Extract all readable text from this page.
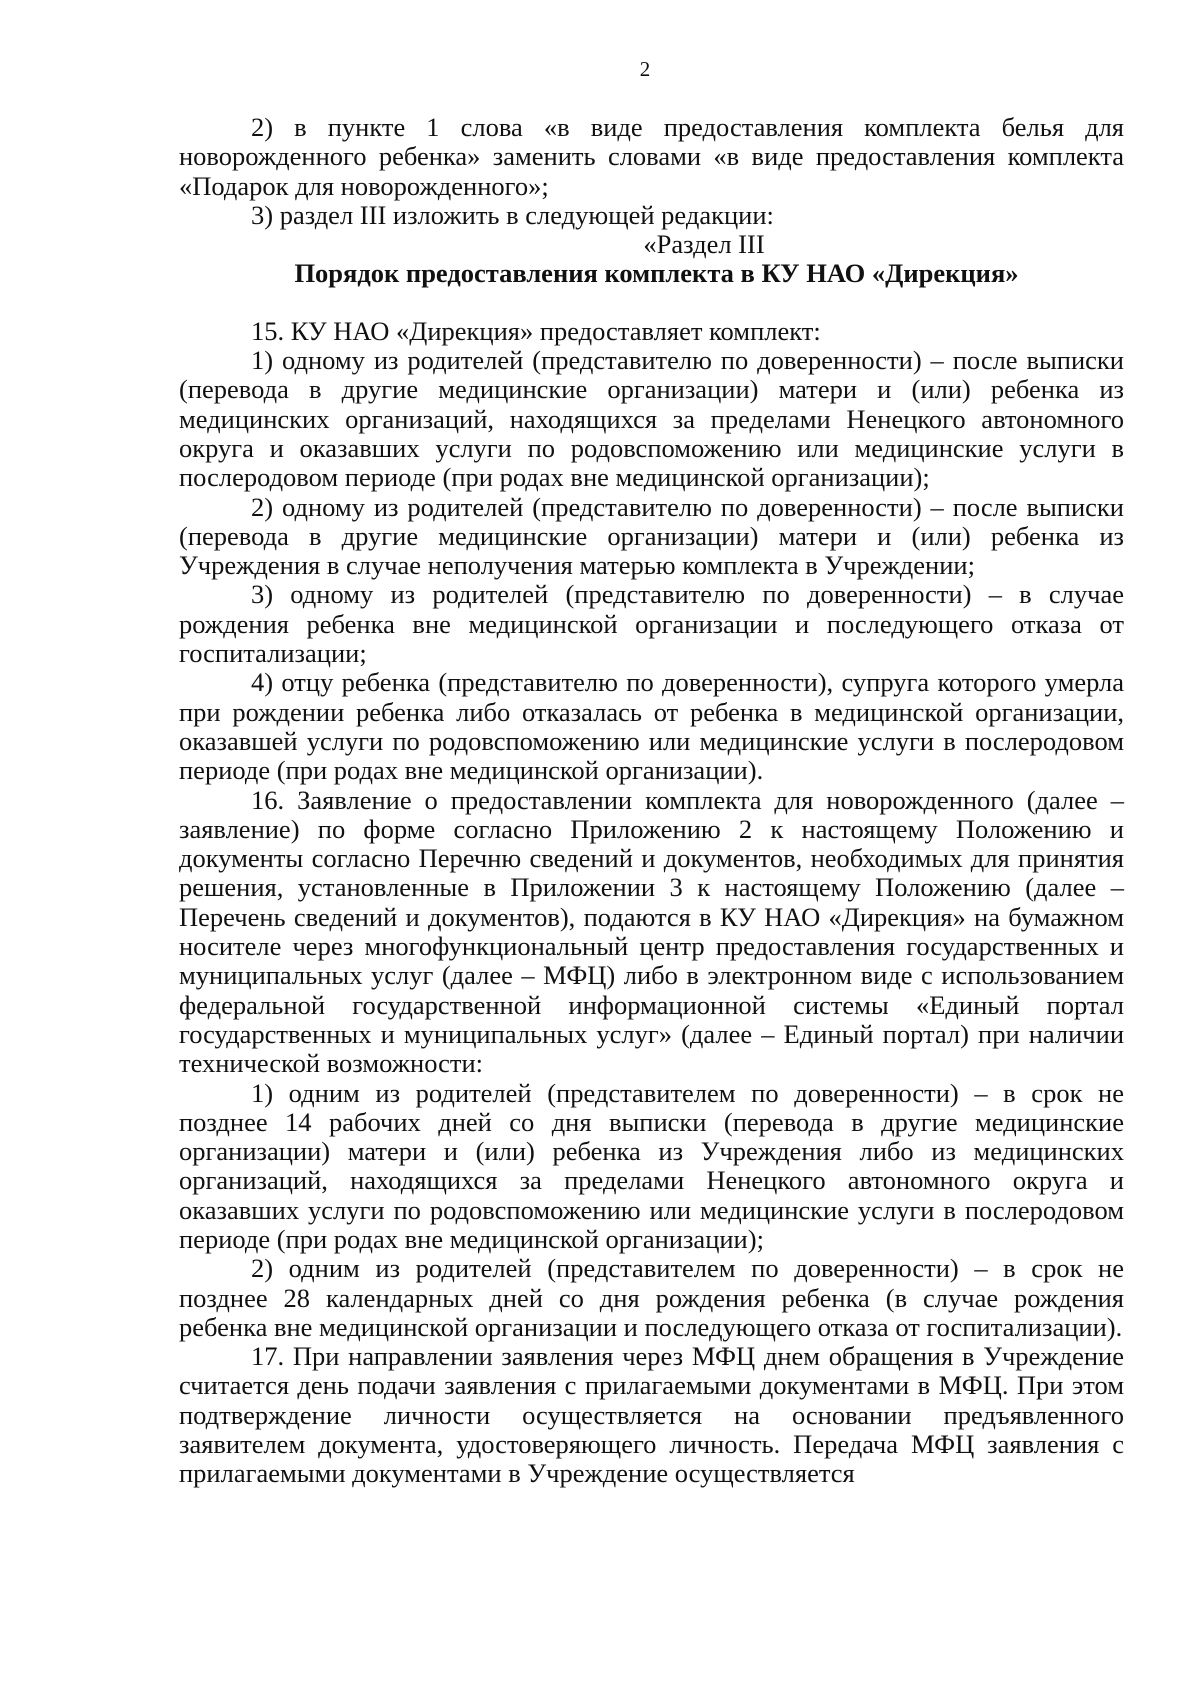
2

2) в пункте 1 слова «в виде предоставления комплекта белья для новорожденного ребенка» заменить словами «в виде предоставления комплекта «Подарок для новорожденного»;

3) раздел III изложить в следующей редакции:

«Раздел III

Порядок предоставления комплекта в КУ НАО «Дирекция»

15. КУ НАО «Дирекция» предоставляет комплект:

1) одному из родителей (представителю по доверенности) – после выписки (перевода в другие медицинские организации) матери и (или) ребенка из медицинских организаций, находящихся за пределами Ненецкого автономного округа и оказавших услуги по родовспоможению или медицинские услуги в послеродовом периоде (при родах вне медицинской организации);

2) одному из родителей (представителю по доверенности) – после выписки (перевода в другие медицинские организации) матери и (или) ребенка из Учреждения в случае неполучения матерью комплекта в Учреждении;

3) одному из родителей (представителю по доверенности) – в случае рождения ребенка вне медицинской организации и последующего отказа от госпитализации;

4) отцу ребенка (представителю по доверенности), супруга которого умерла при рождении ребенка либо отказалась от ребенка в медицинской организации, оказавшей услуги по родовспоможению или медицинские услуги в послеродовом периоде (при родах вне медицинской организации).

16. Заявление о предоставлении комплекта для новорожденного (далее – заявление) по форме согласно Приложению 2 к настоящему Положению и документы согласно Перечню сведений и документов, необходимых для принятия решения, установленные в Приложении 3 к настоящему Положению (далее – Перечень сведений и документов), подаются в КУ НАО «Дирекция» на бумажном носителе через многофункциональный центр предоставления государственных и муниципальных услуг (далее – МФЦ) либо в электронном виде с использованием федеральной государственной информационной системы «Единый портал государственных и муниципальных услуг» (далее – Единый портал) при наличии технической возможности:

1) одним из родителей (представителем по доверенности) – в срок не позднее 14 рабочих дней со дня выписки (перевода в другие медицинские организации) матери и (или) ребенка из Учреждения либо из медицинских организаций, находящихся за пределами Ненецкого автономного округа и оказавших услуги по родовспоможению или медицинские услуги в послеродовом периоде (при родах вне медицинской организации);

2) одним из родителей (представителем по доверенности) – в срок не позднее 28 календарных дней со дня рождения ребенка (в случае рождения ребенка вне медицинской организации и последующего отказа от госпитализации).

17. При направлении заявления через МФЦ днем обращения в Учреждение считается день подачи заявления с прилагаемыми документами в МФЦ. При этом подтверждение личности осуществляется на основании предъявленного заявителем документа, удостоверяющего личность. Передача МФЦ заявления с прилагаемыми документами в Учреждение осуществляется
